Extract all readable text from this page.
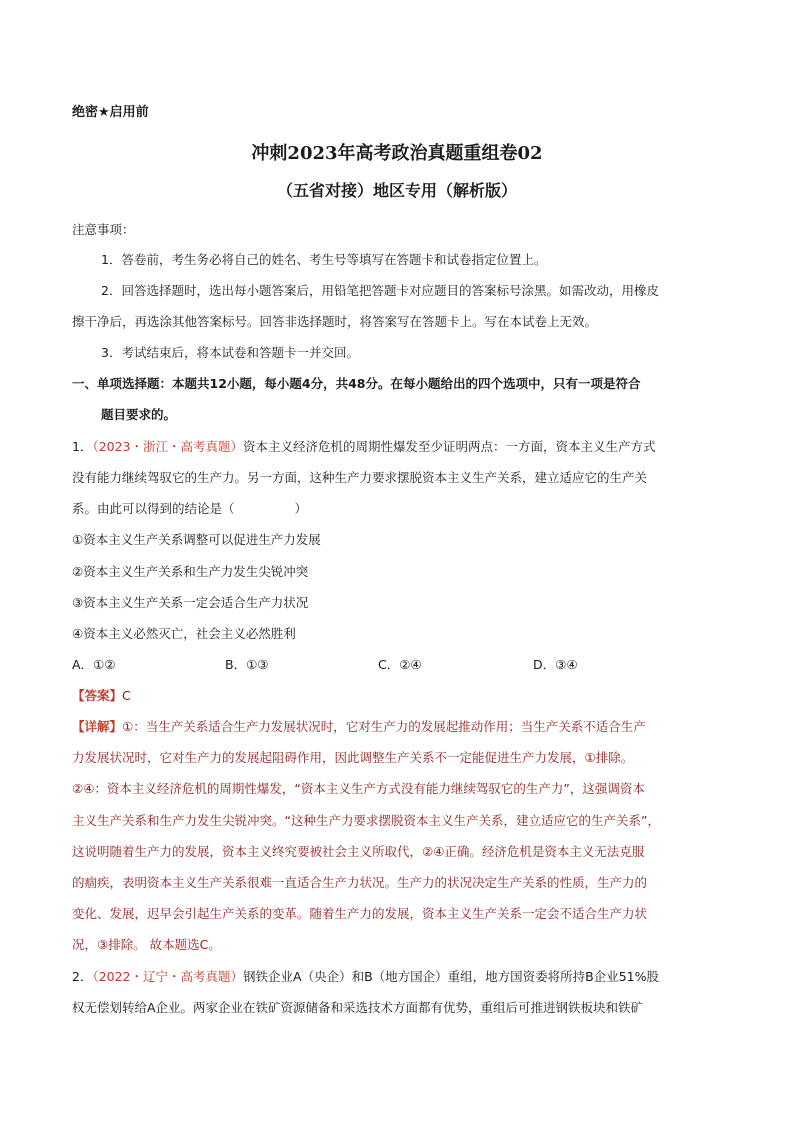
绝密★启用前
冲刺2023年高考政治真题重组卷02
（五省对接）地区专用（解析版）
注意事项：
1．答卷前，考生务必将自己的姓名、考生号等填写在答题卡和试卷指定位置上。
2．回答选择题时，选出每小题答案后，用铅笔把答题卡对应题目的答案标号涂黑。如需改动，用橡皮
擦干净后，再选涂其他答案标号。回答非选择题时，将答案写在答题卡上。写在本试卷上无效。
3．考试结束后，将本试卷和答题卡一并交回。
一、单项选择题：本题共12小题，每小题4分，共48分。在每小题给出的四个选项中，只有一项是符合
题目要求的。
1．（2023・浙江・高考真题）资本主义经济危机的周期性爆发至少证明两点：一方面，资本主义生产方式
没有能力继续驾驭它的生产力。另一方面，这种生产力要求摆脱资本主义生产关系，建立适应它的生产关
系。由此可以得到的结论是（	）
①资本主义生产关系调整可以促进生产力发展
②资本主义生产关系和生产力发生尖锐冲突
③资本主义生产关系一定会适合生产力状况
④资本主义必然灭亡，社会主义必然胜利
A．①②	B．①③	C．②④	D．③④
【答案】C
【详解】①：当生产关系适合生产力发展状况时，它对生产力的发展起推动作用；当生产关系不适合生产
力发展状况时，它对生产力的发展起阻碍作用，因此调整生产关系不一定能促进生产力发展，①排除。
②④：资本主义经济危机的周期性爆发，“资本主义生产方式没有能力继续驾驭它的生产力”，这强调资本
主义生产关系和生产力发生尖锐冲突。“这种生产力要求摆脱资本主义生产关系，建立适应它的生产关系”，
这说明随着生产力的发展，资本主义终究要被社会主义所取代，②④正确。经济危机是资本主义无法克服
的痼疾，表明资本主义生产关系很难一直适合生产力状况。生产力的状况决定生产关系的性质，生产力的
变化、发展，迟早会引起生产关系的变革。随着生产力的发展，资本主义生产关系一定会不适合生产力状
况，③排除。 故本题选C。
2．（2022・辽宁・高考真题）钢铁企业A（央企）和B（地方国企）重组，地方国资委将所持B企业51%股
权无偿划转给A企业。两家企业在铁矿资源储备和采选技术方面都有优势，重组后可推进钢铁板块和铁矿
